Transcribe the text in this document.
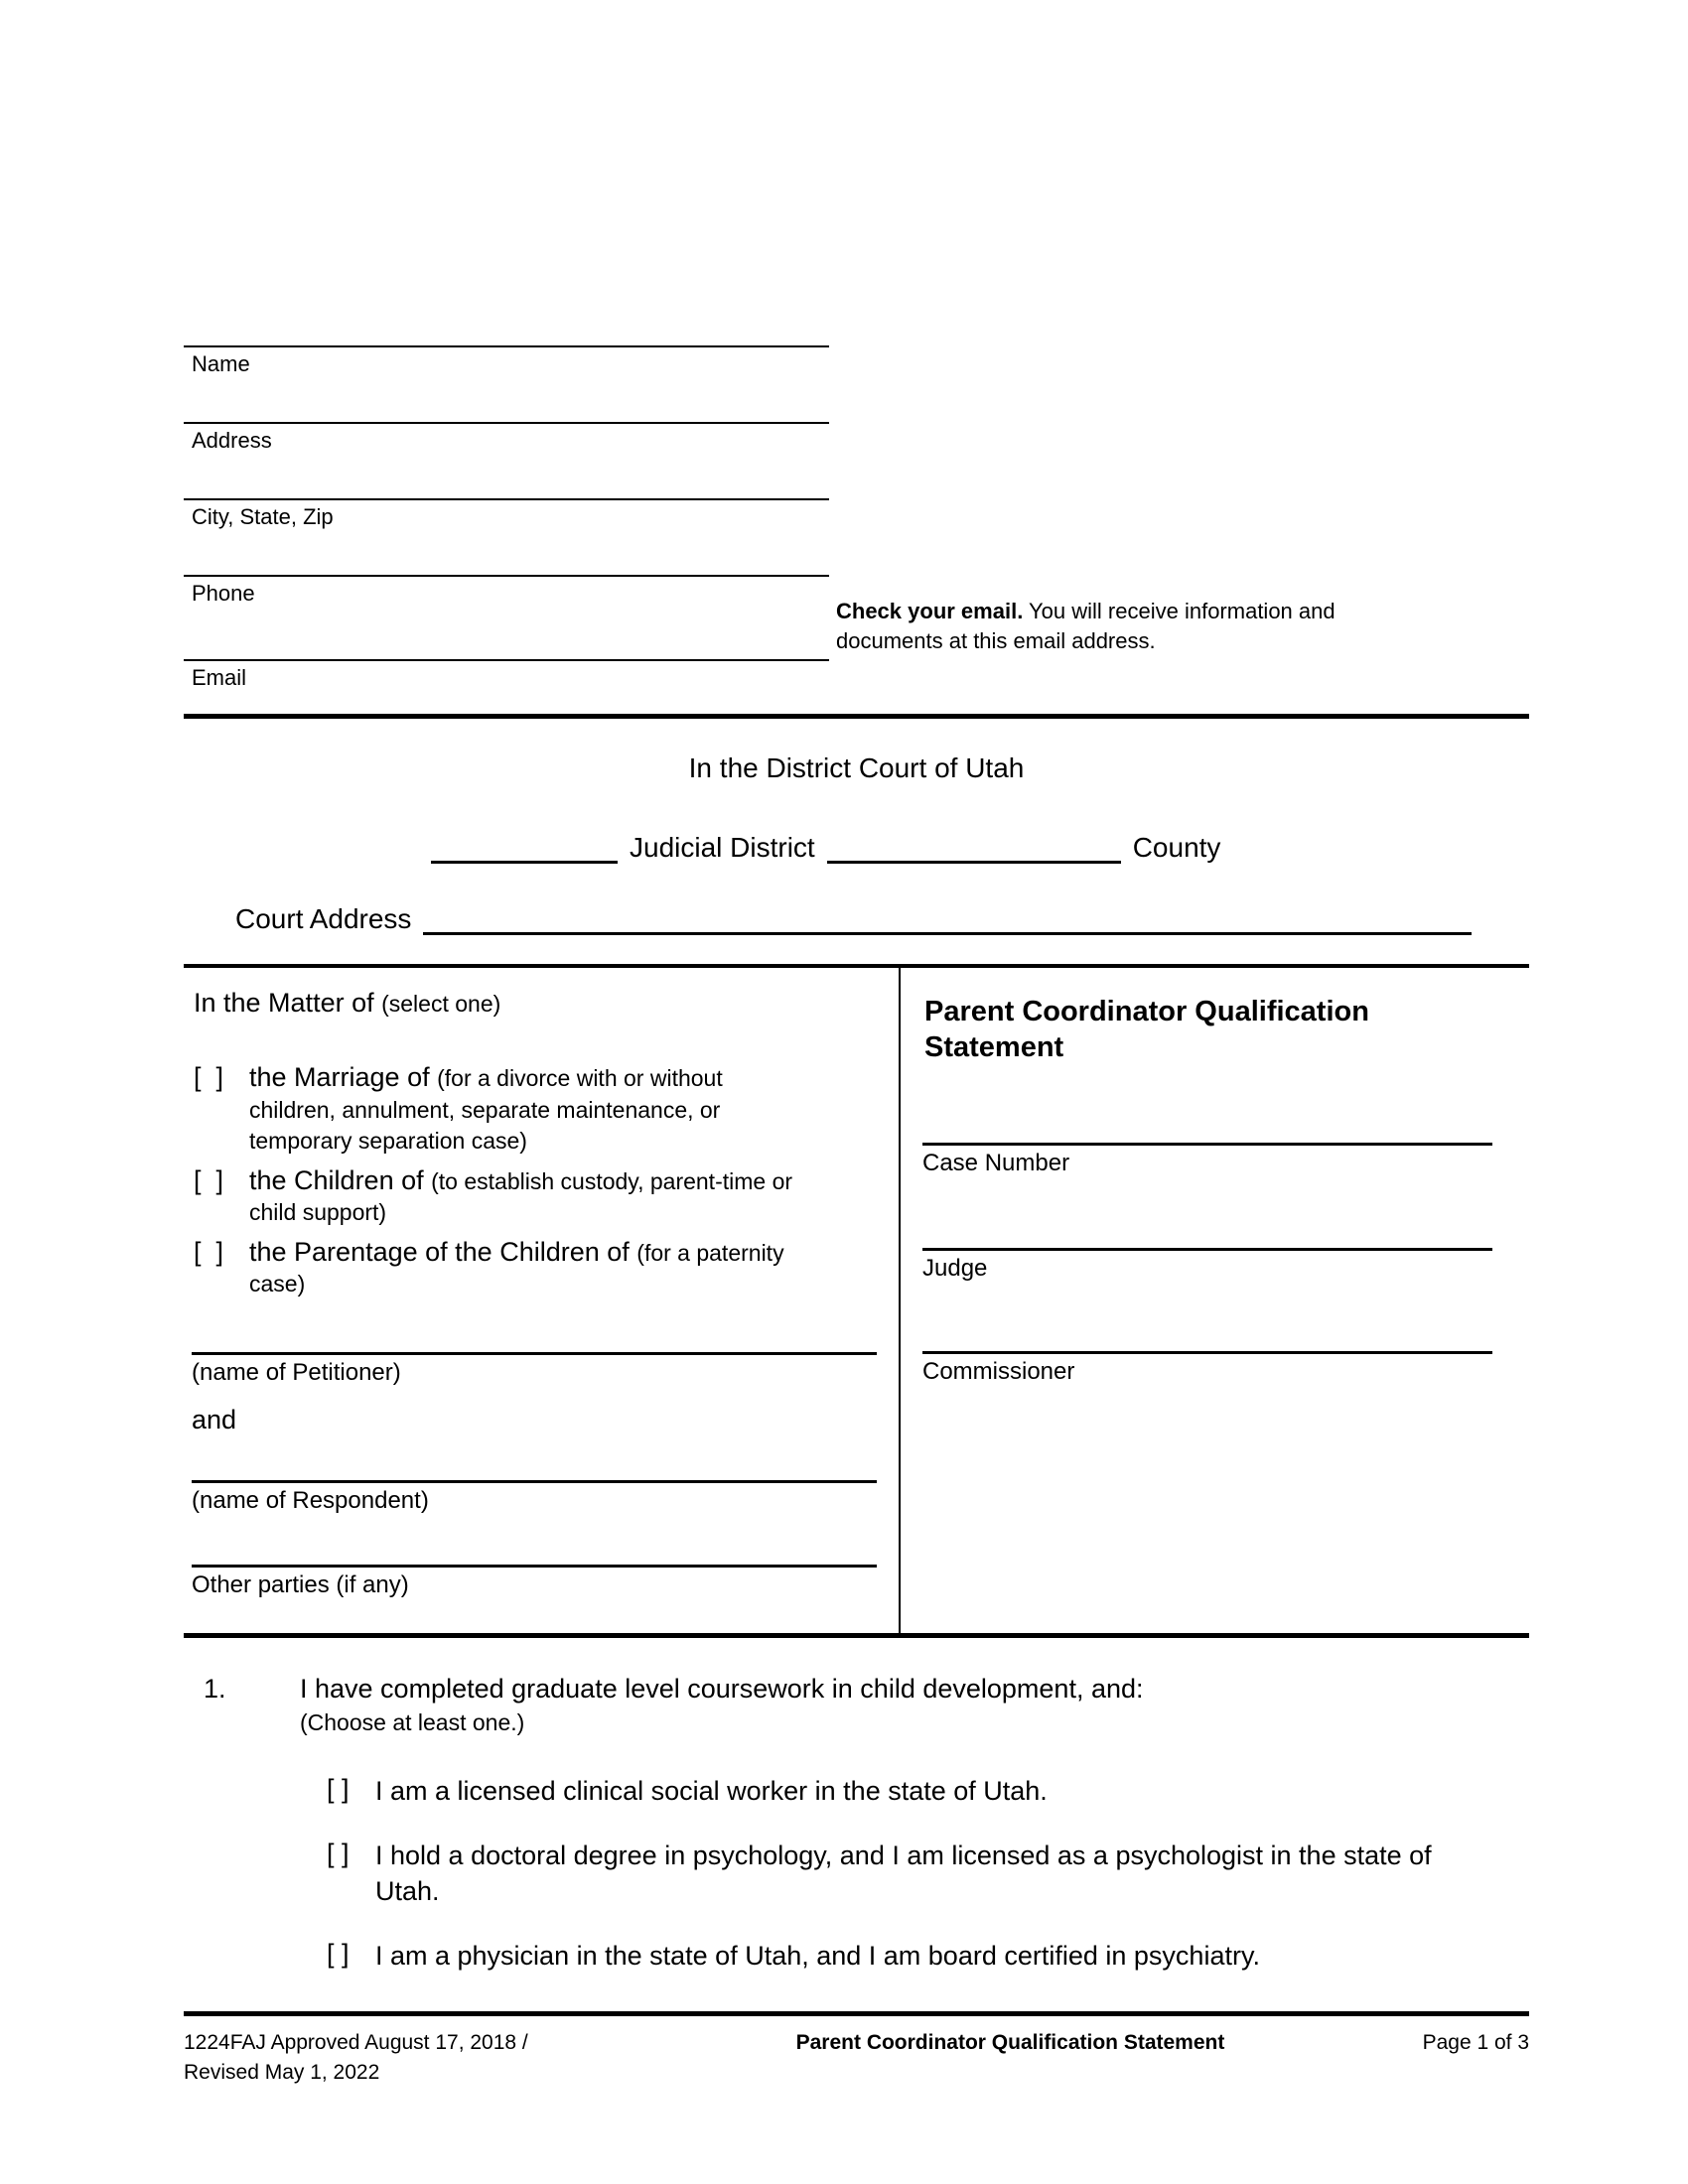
Name
Address
City, State, Zip
Phone
Email
Check your email. You will receive information and documents at this email address.
In the District Court of Utah
Judicial District	County
Court Address
In the Matter of (select one)
[  ] the Marriage of (for a divorce with or without children, annulment, separate maintenance, or temporary separation case)
[  ] the Children of (to establish custody, parent-time or child support)
[  ] the Parentage of the Children of (for a paternity case)
(name of Petitioner)
and
(name of Respondent)
Other parties (if any)
Parent Coordinator Qualification Statement
Case Number
Judge
Commissioner
1.	I have completed graduate level coursework in child development, and:
(Choose at least one.)
[ ] I am a licensed clinical social worker in the state of Utah.
[ ] I hold a doctoral degree in psychology, and I am licensed as a psychologist in the state of Utah.
[ ] I am a physician in the state of Utah, and I am board certified in psychiatry.
1224FAJ Approved August 17, 2018 /
Revised May 1, 2022
Parent Coordinator Qualification Statement	Page 1 of 3
